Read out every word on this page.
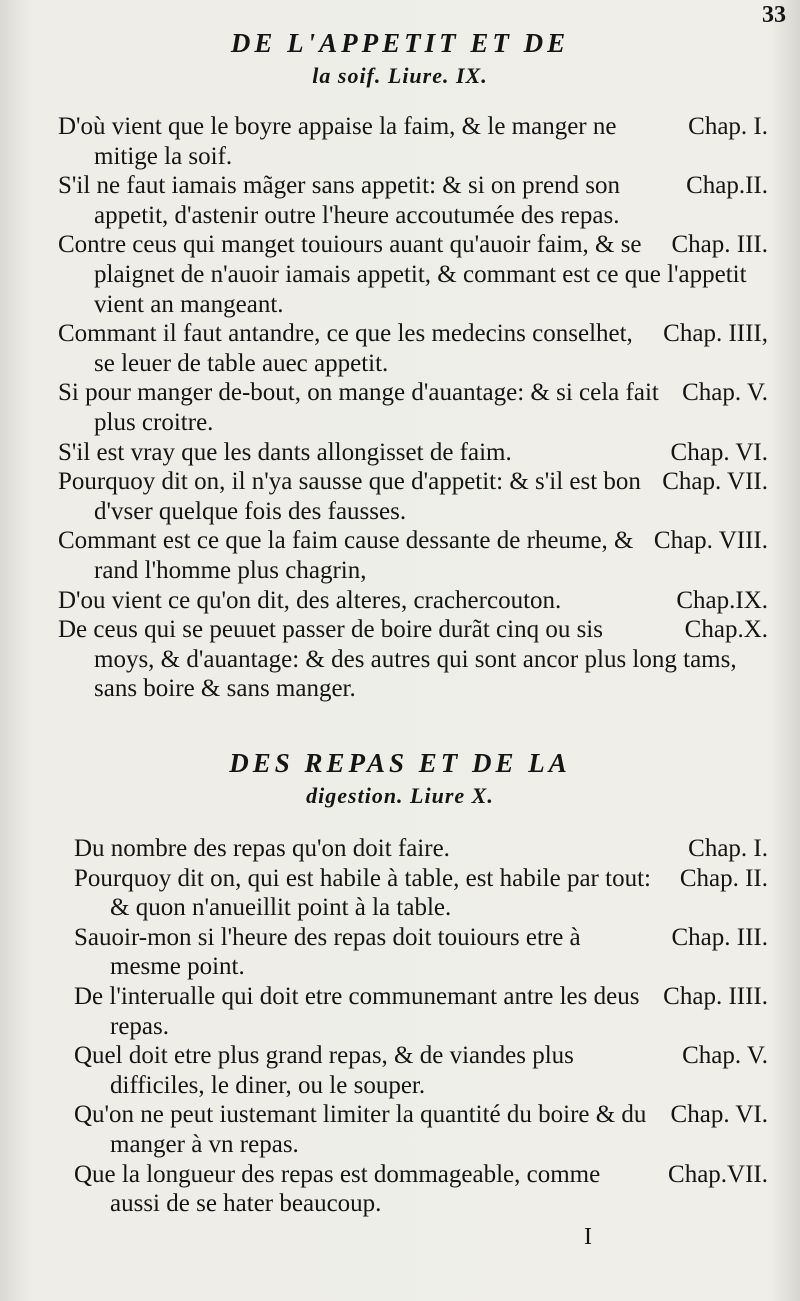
33
DE L'APPETIT ET DE
la soif. Liure. IX.

Chap. I.
D'où vient que le boyre appaise la faim, & le manger ne mitige la soif.

Chap.II.
S'il ne faut iamais mãger sans appetit: & si on prend son appetit, d'astenir outre l'heure accoutumée des repas.

Chap. III.
Contre ceus qui manget touiours auant qu'auoir faim, & se plaignet de n'auoir iamais appetit, & commant est ce que l'appetit vient an mangeant.

Chap. IIII,
Commant il faut antandre, ce que les medecins conselhet, se leuer de table auec appetit.

Chap. V.
Si pour manger de-bout, on mange d'auantage: & si cela fait plus croitre.

Chap. VI.
S'il est vray que les dants allongisset de faim.

Chap. VII.
Pourquoy dit on, il n'ya sausse que d'appetit: & s'il est bon d'vser quelque fois des fausses.

Chap. VIII.
Commant est ce que la faim cause dessante de rheume, & rand l'homme plus chagrin,

Chap.IX.
D'ou vient ce qu'on dit, des alteres, crachercouton.

Chap.X.
De ceus qui se peuuet passer de boire durãt cinq ou sis moys, & d'auantage: & des autres qui sont ancor plus long tams, sans boire & sans manger.

DES REPAS ET DE LA
digestion. Liure X.

Chap. I.
Du nombre des repas qu'on doit faire.

Chap. II.
Pourquoy dit on, qui est habile à table, est habile par tout: & quon n'anueillit point à la table.

Chap. III.
Sauoir-mon si l'heure des repas doit touiours etre à mesme point.

Chap. IIII.
De l'interualle qui doit etre communemant antre les deus repas.

Chap. V.
Quel doit etre plus grand repas, & de viandes plus difficiles, le diner, ou le souper.

Chap. VI.
Qu'on ne peut iustemant limiter la quantité du boire & du manger à vn repas.

Chap.VII.
Que la longueur des repas est dommageable, comme aussi de se hater beaucoup.

I
